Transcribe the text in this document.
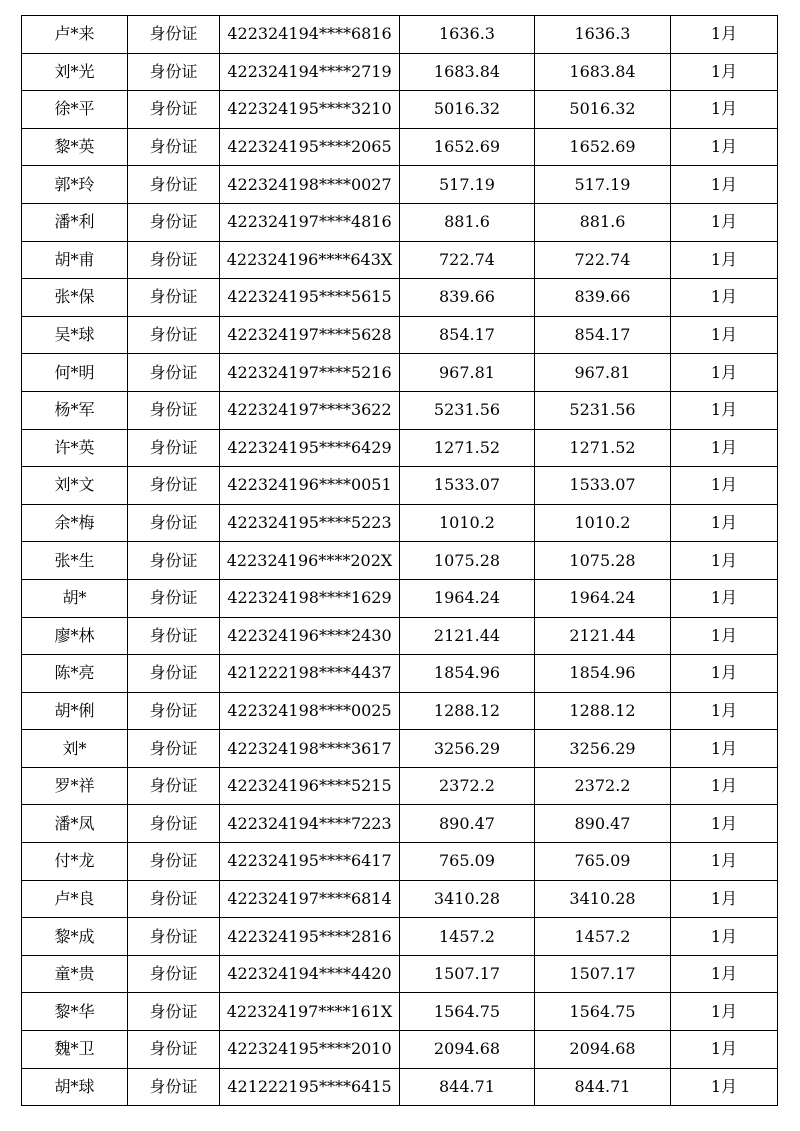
卢*来	身份证	422324194****6816	1636.3	1636.3	1月
刘*光	身份证	422324194****2719	1683.84	1683.84	1月
徐*平	身份证	422324195****3210	5016.32	5016.32	1月
黎*英	身份证	422324195****2065	1652.69	1652.69	1月
郭*玲	身份证	422324198****0027	517.19	517.19	1月
潘*利	身份证	422324197****4816	881.6	881.6	1月
胡*甫	身份证	422324196****643X	722.74	722.74	1月
张*保	身份证	422324195****5615	839.66	839.66	1月
吴*球	身份证	422324197****5628	854.17	854.17	1月
何*明	身份证	422324197****5216	967.81	967.81	1月
杨*军	身份证	422324197****3622	5231.56	5231.56	1月
许*英	身份证	422324195****6429	1271.52	1271.52	1月
刘*文	身份证	422324196****0051	1533.07	1533.07	1月
余*梅	身份证	422324195****5223	1010.2	1010.2	1月
张*生	身份证	422324196****202X	1075.28	1075.28	1月
胡*	身份证	422324198****1629	1964.24	1964.24	1月
廖*林	身份证	422324196****2430	2121.44	2121.44	1月
陈*亮	身份证	421222198****4437	1854.96	1854.96	1月
胡*俐	身份证	422324198****0025	1288.12	1288.12	1月
刘*	身份证	422324198****3617	3256.29	3256.29	1月
罗*祥	身份证	422324196****5215	2372.2	2372.2	1月
潘*凤	身份证	422324194****7223	890.47	890.47	1月
付*龙	身份证	422324195****6417	765.09	765.09	1月
卢*良	身份证	422324197****6814	3410.28	3410.28	1月
黎*成	身份证	422324195****2816	1457.2	1457.2	1月
童*贵	身份证	422324194****4420	1507.17	1507.17	1月
黎*华	身份证	422324197****161X	1564.75	1564.75	1月
魏*卫	身份证	422324195****2010	2094.68	2094.68	1月
胡*球	身份证	421222195****6415	844.71	844.71	1月
